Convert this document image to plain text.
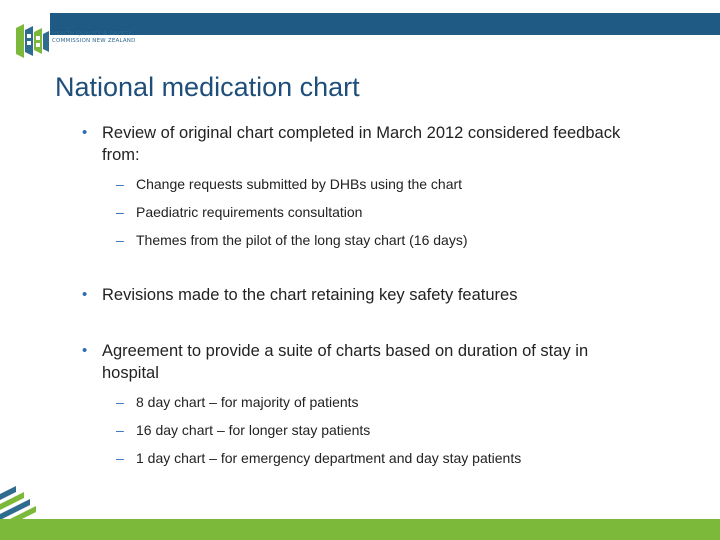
HEALTH QUALITY & SAFETY
COMMISSION NEW ZEALAND
National medication chart
• Review of original chart completed in March 2012 considered feedback
from:
– Change requests submitted by DHBs using the chart
– Paediatric requirements consultation
– Themes from the pilot of the long stay chart (16 days)
• Revisions made to the chart retaining key safety features
• Agreement to provide a suite of charts based on duration of stay in
hospital
– 8 day chart – for majority of patients
– 16 day chart – for longer stay patients
– 1 day chart – for emergency department and day stay patients
